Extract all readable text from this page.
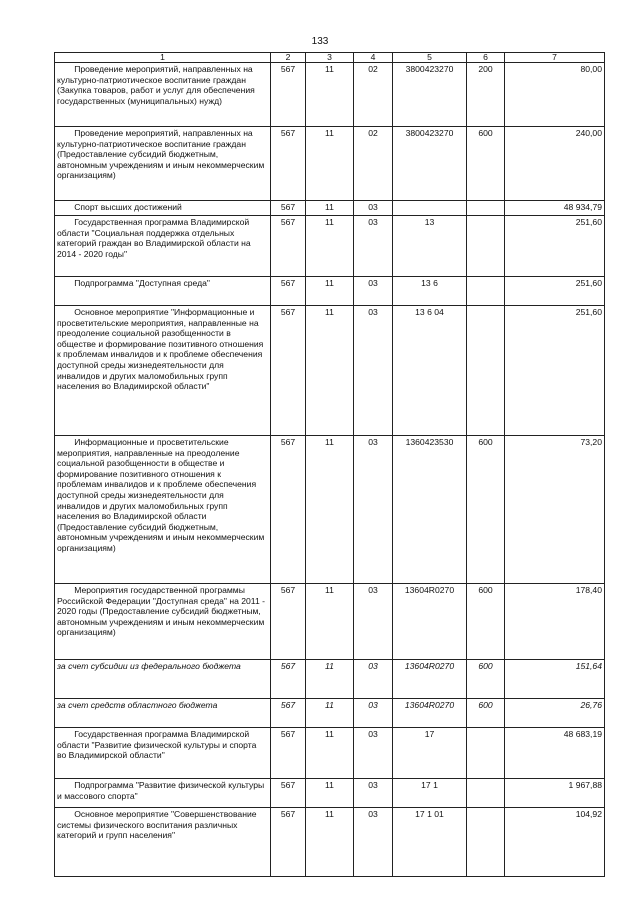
133
1	2	3	4	5	6	7
Проведение мероприятий, направленных на культурно-патриотическое воспитание граждан (Закупка товаров, работ и услуг для обеспечения государственных (муниципальных) нужд)	567	11	02	3800423270	200	80,00
Проведение мероприятий, направленных на культурно-патриотическое воспитание граждан (Предоставление субсидий бюджетным, автономным учреждениям и иным некоммерческим организациям)	567	11	02	3800423270	600	240,00
Спорт высших достижений	567	11	03			48 934,79
Государственная программа Владимирской области "Социальная поддержка отдельных категорий граждан во Владимирской области на 2014 - 2020 годы"	567	11	03	13		251,60
Подпрограмма "Доступная среда"	567	11	03	13 6		251,60
Основное мероприятие "Информационные и просветительские мероприятия, направленные на преодоление социальной разобщенности в обществе и формирование позитивного отношения к проблемам инвалидов и к проблеме обеспечения доступной среды жизнедеятельности для инвалидов и других маломобильных групп населения во Владимирской области"	567	11	03	13 6 04		251,60
Информационные и просветительские мероприятия, направленные на преодоление социальной разобщенности в обществе и формирование позитивного отношения к проблемам инвалидов и к проблеме обеспечения доступной среды жизнедеятельности для инвалидов и других маломобильных групп населения во Владимирской области (Предоставление субсидий бюджетным, автономным учреждениям и иным некоммерческим организациям)	567	11	03	1360423530	600	73,20
Мероприятия государственной программы Российской Федерации "Доступная среда" на 2011 - 2020 годы (Предоставление субсидий бюджетным, автономным учреждениям и иным некоммерческим организациям)	567	11	03	13604R0270	600	178,40
за счет субсидии из федерального бюджета	567	11	03	13604R0270	600	151,64
за счет средств областного бюджета	567	11	03	13604R0270	600	26,76
Государственная программа Владимирской области "Развитие физической культуры и спорта во Владимирской области"	567	11	03	17		48 683,19
Подпрограмма "Развитие физической культуры и массового спорта"	567	11	03	17 1		1 967,88
Основное мероприятие "Совершенствование системы физического воспитания различных категорий и групп населения"	567	11	03	17 1 01		104,92
